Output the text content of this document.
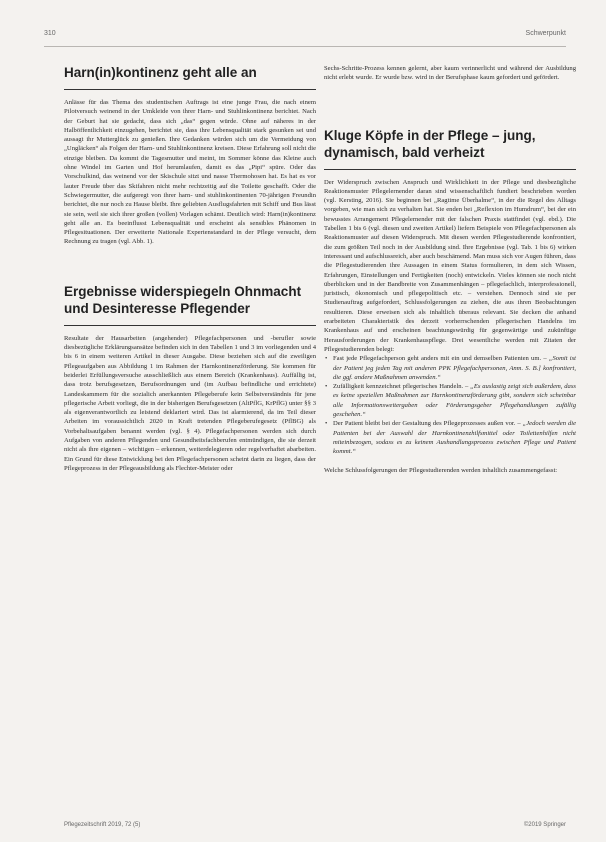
310	Schwerpunkt
Harn(in)kontinenz geht alle an

Anlässe für das Thema des studentischen Auftrags ist eine junge Frau, die nach einem Pilotversuch weinend in der Umkleide von ihrer Harn- und Stuhlinkontinenz berichtet. Nach der Geburt hat sie gedacht, dass sich „das“ gegen würde. Ohne auf näheres in der Halböffentlichkeit einzugehen, berichtet sie, dass ihre Lebensqualität stark gesunken sei und aussagt ihr Mutterglück zu genießen. Ihre Gedanken würden sich um die Vermeidung von „Ungläcken“ als Folgen der Harn- und Stuhlinkontinenz kreisen. Diese Erfahrung soll nicht die einzige bleiben. Da kommt die Tagesmutter und meint, im Sommer könne das Kleine auch ohne Windel im Garten und Hof herumlaufen, damit es das „Pipi“ spüre. Oder das Vorschulkind, das weinend vor der Skischule sitzt und nasse Thermohosen hat. Es hat es vor lauter Freude über das Skifahren nicht mehr rechtzeitig auf die Toilette geschafft. Oder die Schwiegermutter, die aufgeregt von ihrer harn- und stuhlinkontinenten 70-jährigen Freundin berichtet, die nur noch zu Hause bleibt. Ihre geliebten Ausflugsfahrten mit Schiff und Bus lässt sie sein, weil sie sich ihrer großen (vollen) Vorlagen schämt. Deutlich wird: Harn(in)kontinenz geht alle an. Es beeinflusst Lebensqualität und erscheint als sensibles Phänomen in Pflegesituationen. Der erweiterte Nationale Expertenstandard in der Pflege versucht, dem Rechnung zu tragen (vgl. Abb. 1).

Ergebnisse widerspiegeln Ohnmacht und Desinteresse Pflegender

Resultate der Hausarbeiten (angehender) Pflegefachpersonen und -berufler sowie diesbezügliche Erklärungsansätze befinden sich in den Tabellen 1 und 3 im vorliegenden und 4 bis 6 in einem weiteren Artikel in dieser Ausgabe. Diese beziehen sich auf die zweiligen Pflegeaufgaben aus Abbildung 1 im Rahmen der Harnkontinenzförderung. Sie kommen für beiderlei Erfüllungsversuche ausschließlich aus einem Bereich (Krankenhaus). Auffällig ist, dass trotz berufsgesetzen, Berufsordnungen und (im Aufbau befindliche und errichtete) Landeskammern für die sozialich anerkannten Pflegeberufe kein Selbstverständnis für jene pflegerische Arbeit vorliegt, die in der bisherigen Berufsgesetzen (AltPflG, KrPflG) unter §§ 3 als eigenverantwortlich zu leistend deklariert wird. Das ist alarmierend, da im Teil dieser Arbeiten im voraussichtlich 2020 in Kraft tretenden Pflegeberufegesetz (PflBG) als Vorbehaltsaufgaben benannt werden (vgl. § 4). Pflegefachpersonen werden sich durch Aufgaben von anderen Pflegenden und Gesundheitsfachberufen entmündigen, die sie derzeit nicht als ihre eigenen – wichtigen – erkennen, weiterdelegieren oder regelverhaftet abarbeiten. Ein Grund für diese Entwicklung bei den Pflegefachpersonen scheint darin zu liegen, dass der Pflegeprozess in der Pflegeausbildung als Flechter-Meister oder

Sechs-Schritte-Prozess kennen gelernt, aber kaum verinnerlicht und während der Ausbildung nicht erlebt wurde. Er wurde bzw. wird in der Berufsphase kaum gefordert und gefördert.

Kluge Köpfe in der Pflege – jung, dynamisch, bald verheizt

Der Widerspruch zwischen Anspruch und Wirklichkeit in der Pflege und diesbezügliche Reaktionsmuster Pflegelernender daran sind wissenschaftlich fundiert beschrieben worden (vgl. Kersting, 2016). Sie beginnen bei „Ragtime Überhalme“, in der die Regel des Alltags vorgeben, wie man sich zu verhalten hat. Sie enden bei „Reflexion im Humdrum“, bei der ein bewusstes Arrangement Pflegelernender mit der falschen Praxis stattfindet (vgl. ebd.). Die Tabellen 1 bis 6 (vgl. diesen und zweiten Artikel) liefern Beispiele von Pflegefachpersonen als Reaktionsmuster auf diesen Widerspruch. Mit diesen werden Pflegestudierende konfrontiert, die zum größten Teil noch in der Ausbildung sind. Ihre Ergebnisse (vgl. Tab. 1 bis 6) wirken interessant und aufschlussreich, aber auch beschämend. Man muss sich vor Augen führen, dass die Pflegestudierenden ihre Aussagen in einem Status formulieren, in dem sich Wissen, Erfahrungen, Einstellungen und Fertigkeiten (noch) entwickeln. Vieles können sie noch nicht überblicken und in der Bandbreite von Zusammenhängen – pflegefachlich, interprofessionell, juristisch, ökonomisch und pflegepolitisch etc. – verstehen. Dennoch sind sie per Studienauftrag aufgefordert, Schlussfolgerungen zu ziehen, die aus ihren Beobachtungen resultieren. Diese erweisen sich als inhaltlich überaus relevant. Sie decken die anhand erarbeiteten Charakteristik des derzeit vorherrschenden pflegerischen Handelns im Krankenhaus auf und erscheinen beachtungswürdig für gegenwärtige und zukünftige Herausforderungen der Krankenhauspflege. Drei wesentliche werden mit Zitaten der Pflegestudierenden belegt:

• Fast jede Pflegefachperson geht anders mit ein und demselben Patienten um. – „Somit ist der Patient jeg jeden Tag mit anderen PPK Pflegefachpersonen, Anm. S. B.] konfrontiert, die ggf. andere Maßnahmen anwenden.“
• Zufälligkeit kennzeichnet pflegerisches Handeln. – „Es auslastig zeigt sich außerdem, dass es keine speziellen Maßnahmen zur Harnkontinenzförderung gibt, sondern sich scheinbar alle Informationsweitergaben oder Förderungsgeber Pflegehandlungen zufällig geschehen.“
• Der Patient bleibt bei der Gestaltung des Pflegeprozesses außen vor. – „Jedoch werden die Patienten bei der Auswahl der Harnkontinenzhilfsmittel oder Toilettenhilfen nicht miteinbezogen, sodass es zu keinem Aushandlungsprozess zwischen Pflege und Patient kommt.“

Welche Schlussfolgerungen der Pflegestudierenden werden inhaltlich zusammengefasst:

Pflegezeitschrift 2019, 72 (5)	©2019 Springer
